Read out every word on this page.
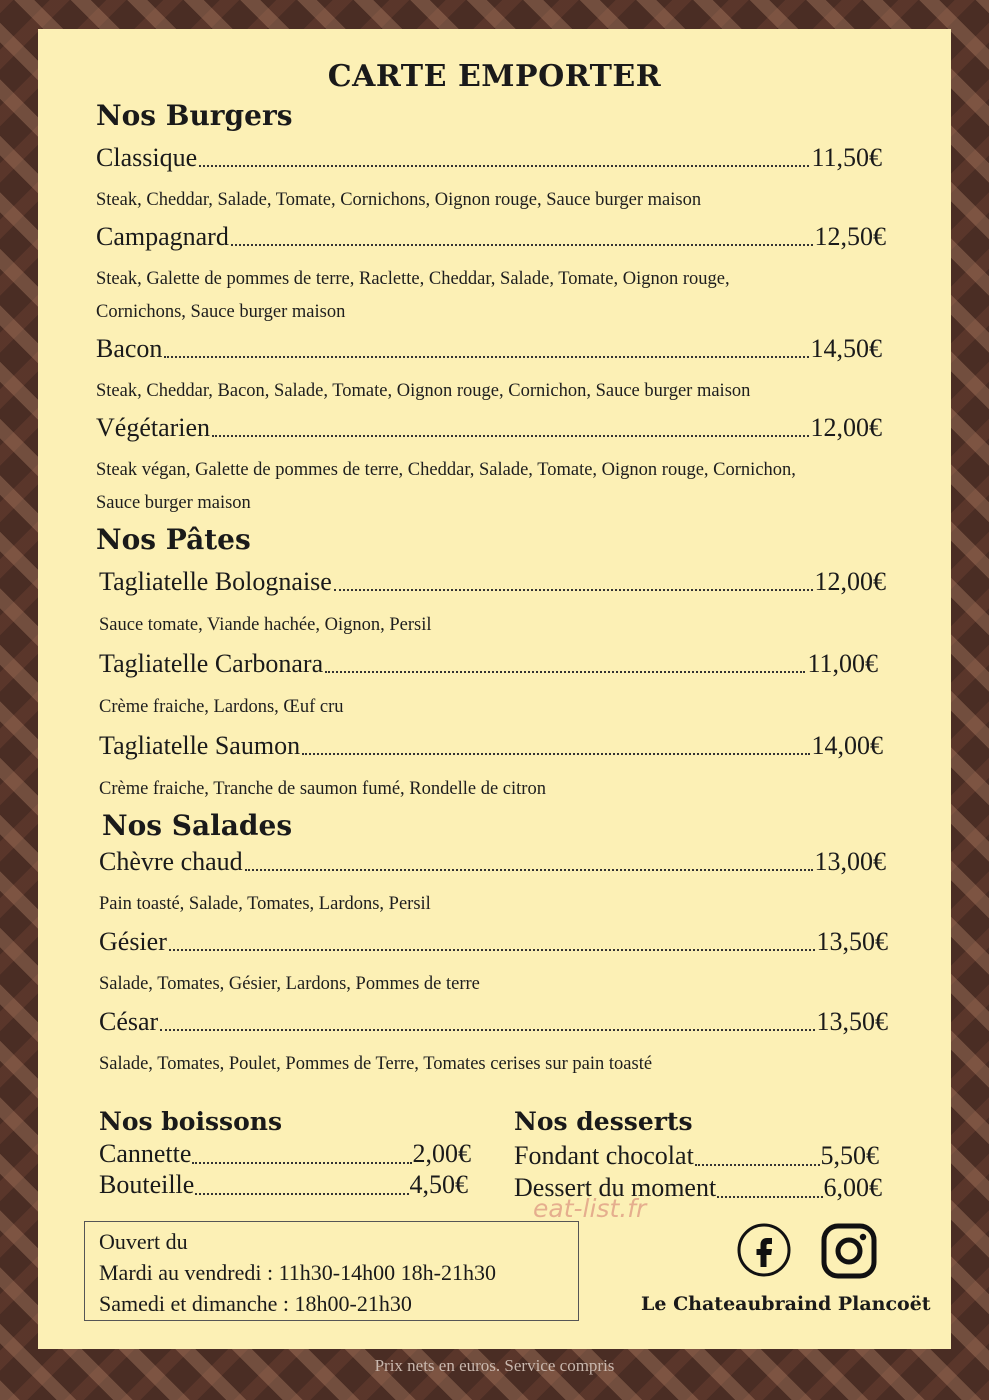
CARTE EMPORTER
Nos Burgers
Classique	11,50€
Steak, Cheddar, Salade, Tomate, Cornichons, Oignon rouge, Sauce burger maison
Campagnard	12,50€
Steak, Galette de pommes de terre, Raclette, Cheddar, Salade, Tomate, Oignon rouge,
Cornichons, Sauce burger maison
Bacon	14,50€
Steak, Cheddar, Bacon, Salade, Tomate, Oignon rouge, Cornichon, Sauce burger maison
Végétarien	12,00€
Steak végan, Galette de pommes de terre, Cheddar, Salade, Tomate, Oignon rouge, Cornichon,
Sauce burger maison
Nos Pâtes
Tagliatelle Bolognaise	12,00€
Sauce tomate, Viande hachée, Oignon, Persil
Tagliatelle Carbonara	11,00€
Crème fraiche, Lardons, Œuf cru
Tagliatelle Saumon	14,00€
Crème fraiche, Tranche de saumon fumé, Rondelle de citron
Nos Salades
Chèvre chaud	13,00€
Pain toasté, Salade, Tomates, Lardons, Persil
Gésier	13,50€
Salade, Tomates, Gésier, Lardons, Pommes de terre
César	13,50€
Salade, Tomates, Poulet, Pommes de Terre, Tomates cerises sur pain toasté
Nos boissons
Cannette	2,00€
Bouteille	4,50€
Nos desserts
Fondant chocolat	5,50€
Dessert du moment	6,00€
eat-list.fr
Ouvert du
Mardi au vendredi : 11h30-14h00 18h-21h30
Samedi et dimanche : 18h00-21h30	Le Chateaubraind Plancoët
Prix nets en euros. Service compris
